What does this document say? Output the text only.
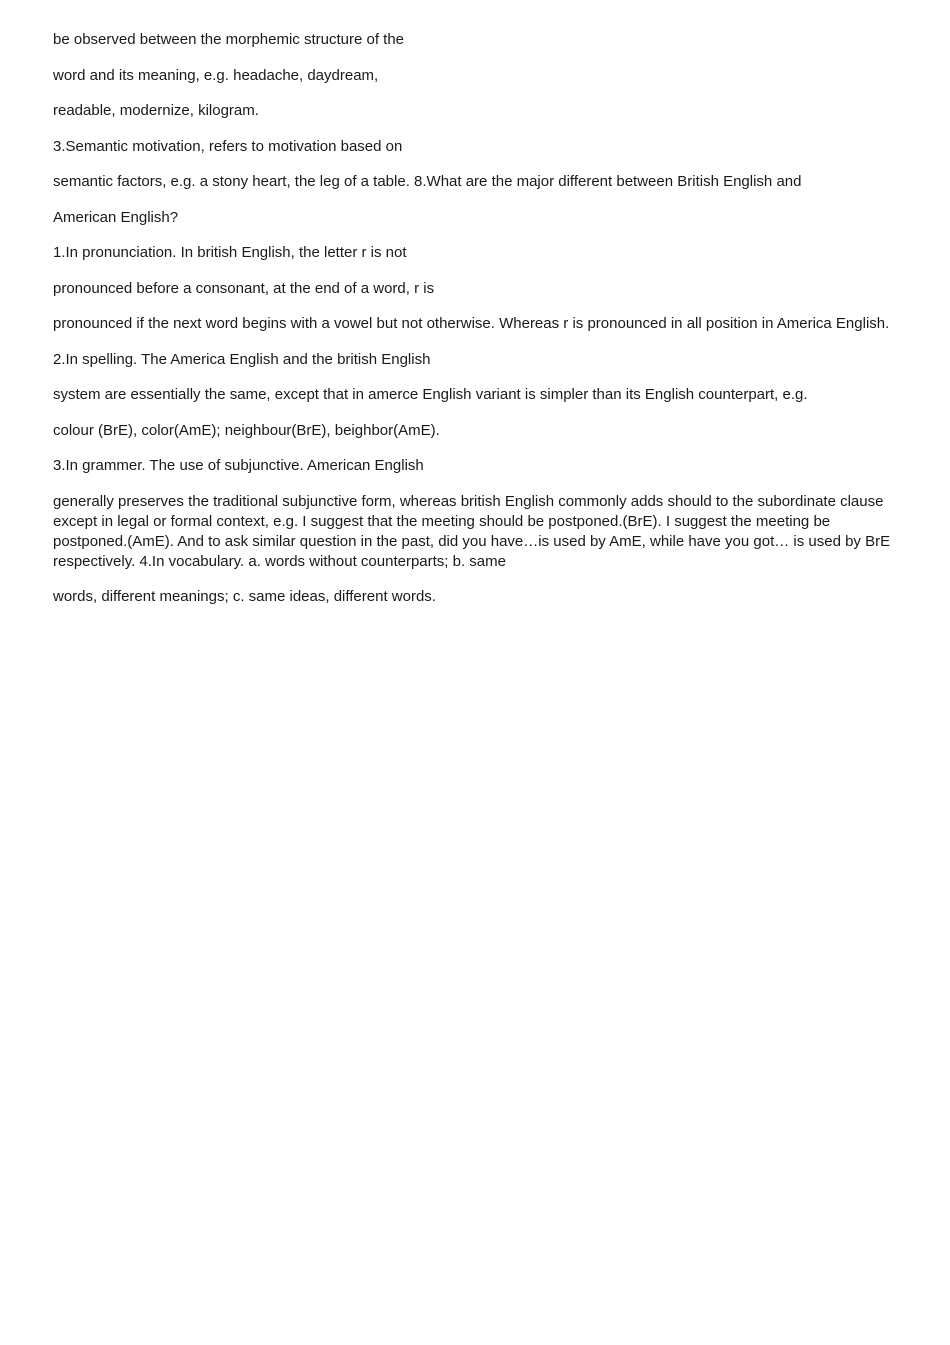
be observed between the morphemic structure of the

word and its meaning, e.g. headache, daydream,

readable, modernize, kilogram.

3.Semantic motivation, refers to motivation based on

semantic factors, e.g. a stony heart, the leg of a table. 8.What are the major different between British English and

American English?

1.In pronunciation. In british English, the letter r is not

pronounced before a consonant, at the end of a word, r is

pronounced if the next word begins with a vowel but not otherwise. Whereas r is pronounced in all position in America English.

2.In spelling. The America English and the british English

system are essentially the same, except that in amerce English variant is simpler than its English counterpart, e.g.

colour (BrE), color(AmE); neighbour(BrE), beighbor(AmE).

3.In grammer. The use of subjunctive. American English

generally preserves the traditional subjunctive form, whereas british English commonly adds should to the subordinate clause except in legal or formal context, e.g. I suggest that the meeting should be postponed.(BrE). I suggest the meeting be postponed.(AmE). And to ask similar question in the past, did you have…is used by AmE, while have you got… is used by BrE respectively. 4.In vocabulary. a. words without counterparts; b. same

words, different meanings; c. same ideas, different words.
